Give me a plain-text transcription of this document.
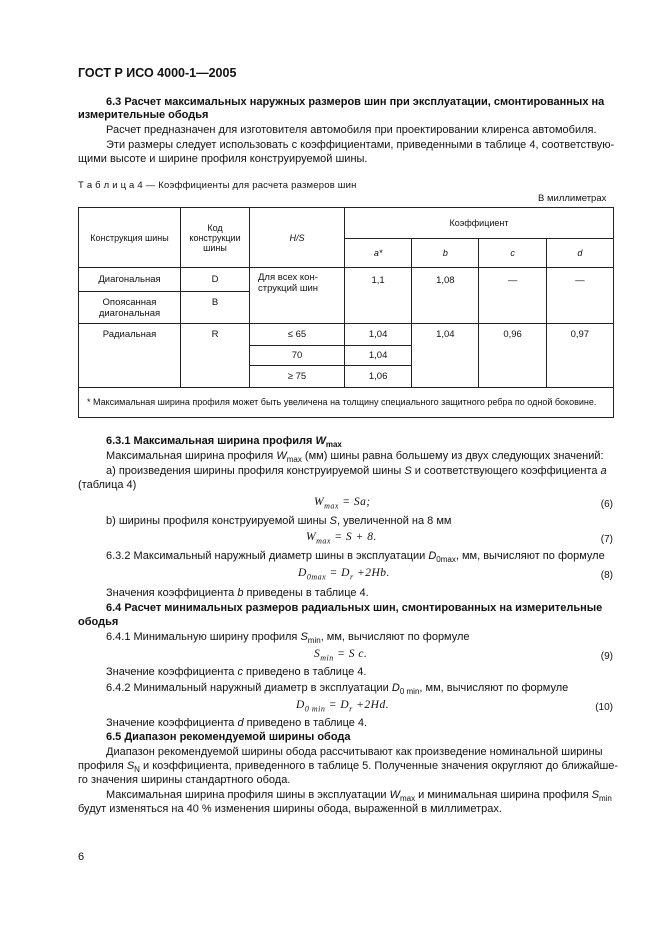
ГОСТ Р ИСО 4000-1—2005
6.3 Расчет максимальных наружных размеров шин при эксплуатации, смонтированных на
измерительные ободья
Расчет предназначен для изготовителя автомобиля при проектировании клиренса автомобиля.
Эти размеры следует использовать с коэффициентами, приведенными в таблице 4, соответствую-
щими высоте и ширине профиля конструируемой шины.
Т а б л и ц а 4 — Коэффициенты для расчета размеров шин
В миллиметрах
Конструкция шины	Код конструкции шины	H/S	Коэффициент			
			a*	b	c	d
Диагональная	D	Для всех кон-струкций шин	1,1	1,08	—	—
Опоясанная диагональная	B					
Радиальная	R	≤ 65	1,04	1,04	0,96	0,97
		70	1,04			
		≥ 75	1,06			
* Максимальная ширина профиля может быть увеличена на толщину специального защитного ребра по одной боковине.						
6.3.1 Максимальная ширина профиля $W_{max}$
Максимальная ширина профиля $W_{max}$ (мм) шины равна большему из двух следующих значений:
а) произведения ширины профиля конструируемой шины S и соответствующего коэффициента a
(таблица 4)
$W_{max} = Sa$;	(6)
b) ширины профиля конструируемой шины S, увеличенной на 8 мм
$W_{max} = S + 8$.	(7)
6.3.2 Максимальный наружный диаметр шины в эксплуатации $D_{0max}$, мм, вычисляют по формуле
$D_{0max} = D_r +2Hb$.	(8)
Значения коэффициента b приведены в таблице 4.
6.4 Расчет минимальных размеров радиальных шин, смонтированных на измерительные
ободья
6.4.1 Минимальную ширину профиля $S_{min}$, мм, вычисляют по формуле
$S_{min} = S$ c.	(9)
Значение коэффициента c приведено в таблице 4.
6.4.2 Минимальный наружный диаметр в эксплуатации $D_{0 min}$, мм, вычисляют по формуле
$D_{0 min} = D_r +2Hd$.	(10)
Значение коэффициента d приведено в таблице 4.
6.5 Диапазон рекомендуемой ширины обода
Диапазон рекомендуемой ширины обода рассчитывают как произведение номинальной ширины
профиля $S_N$ и коэффициента, приведенного в таблице 5. Полученные значения округляют до ближайше-
го значения ширины стандартного обода.
Максимальная ширина профиля шины в эксплуатации $W_{max}$ и минимальная ширина профиля $S_{min}$
будут изменяться на 40 % изменения ширины обода, выраженной в миллиметрах.
6
